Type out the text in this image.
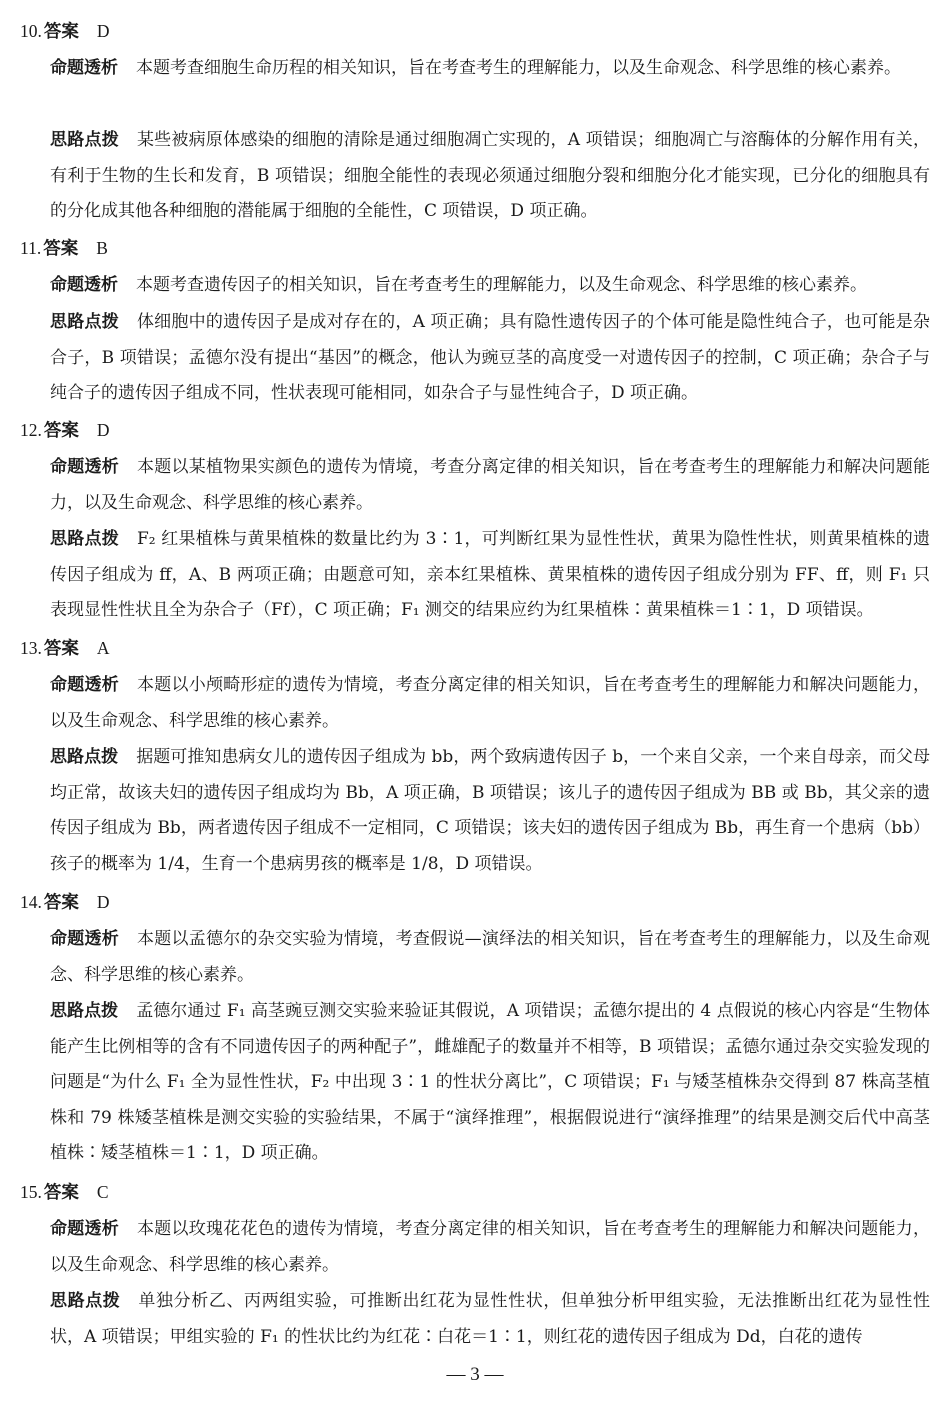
10. 答案 D
命题透析 本题考查细胞生命历程的相关知识，旨在考查考生的理解能力，以及生命观念、科学思维的核心素养。
思路点拨 某些被病原体感染的细胞的清除是通过细胞凋亡实现的，A 项错误；细胞凋亡与溶酶体的分解作用有关，有利于生物的生长和发育，B 项错误；细胞全能性的表现必须通过细胞分裂和细胞分化才能实现，已分化的细胞具有的分化成其他各种细胞的潜能属于细胞的全能性，C 项错误，D 项正确。
11. 答案 B
命题透析 本题考查遗传因子的相关知识，旨在考查考生的理解能力，以及生命观念、科学思维的核心素养。
思路点拨 体细胞中的遗传因子是成对存在的，A 项正确；具有隐性遗传因子的个体可能是隐性纯合子，也可能是杂合子，B 项错误；孟德尔没有提出“基因”的概念，他认为豌豆茎的高度受一对遗传因子的控制，C 项正确；杂合子与纯合子的遗传因子组成不同，性状表现可能相同，如杂合子与显性纯合子，D 项正确。
12. 答案 D
命题透析 本题以某植物果实颜色的遗传为情境，考查分离定律的相关知识，旨在考查考生的理解能力和解决问题能力，以及生命观念、科学思维的核心素养。
思路点拨 F₂ 红果植株与黄果植株的数量比约为 3∶1，可判断红果为显性性状，黄果为隐性性状，则黄果植株的遗传因子组成为 ff，A、B 两项正确；由题意可知，亲本红果植株、黄果植株的遗传因子组成分别为 FF、ff，则 F₁ 只表现显性性状且全为杂合子（Ff），C 项正确；F₁ 测交的结果应约为红果植株∶黄果植株＝1∶1，D 项错误。
13. 答案 A
命题透析 本题以小颅畸形症的遗传为情境，考查分离定律的相关知识，旨在考查考生的理解能力和解决问题能力，以及生命观念、科学思维的核心素养。
思路点拨 据题可推知患病女儿的遗传因子组成为 bb，两个致病遗传因子 b，一个来自父亲，一个来自母亲，而父母均正常，故该夫妇的遗传因子组成均为 Bb，A 项正确，B 项错误；该儿子的遗传因子组成为 BB 或 Bb，其父亲的遗传因子组成为 Bb，两者遗传因子组成不一定相同，C 项错误；该夫妇的遗传因子组成为 Bb，再生育一个患病（bb）孩子的概率为 1/4，生育一个患病男孩的概率是 1/8，D 项错误。
14. 答案 D
命题透析 本题以孟德尔的杂交实验为情境，考查假说—演绎法的相关知识，旨在考查考生的理解能力，以及生命观念、科学思维的核心素养。
思路点拨 孟德尔通过 F₁ 高茎豌豆测交实验来验证其假说，A 项错误；孟德尔提出的 4 点假说的核心内容是“生物体能产生比例相等的含有不同遗传因子的两种配子”，雌雄配子的数量并不相等，B 项错误；孟德尔通过杂交实验发现的问题是“为什么 F₁ 全为显性性状，F₂ 中出现 3∶1 的性状分离比”，C 项错误；F₁ 与矮茎植株杂交得到 87 株高茎植株和 79 株矮茎植株是测交实验的实验结果，不属于“演绎推理”，根据假说进行“演绎推理”的结果是测交后代中高茎植株∶矮茎植株＝1∶1，D 项正确。
15. 答案 C
命题透析 本题以玫瑰花花色的遗传为情境，考查分离定律的相关知识，旨在考查考生的理解能力和解决问题能力，以及生命观念、科学思维的核心素养。
思路点拨 单独分析乙、丙两组实验，可推断出红花为显性性状，但单独分析甲组实验，无法推断出红花为显性性状，A 项错误；甲组实验的 F₁ 的性状比约为红花∶白花＝1∶1，则红花的遗传因子组成为 Dd，白花的遗传
— 3 —
